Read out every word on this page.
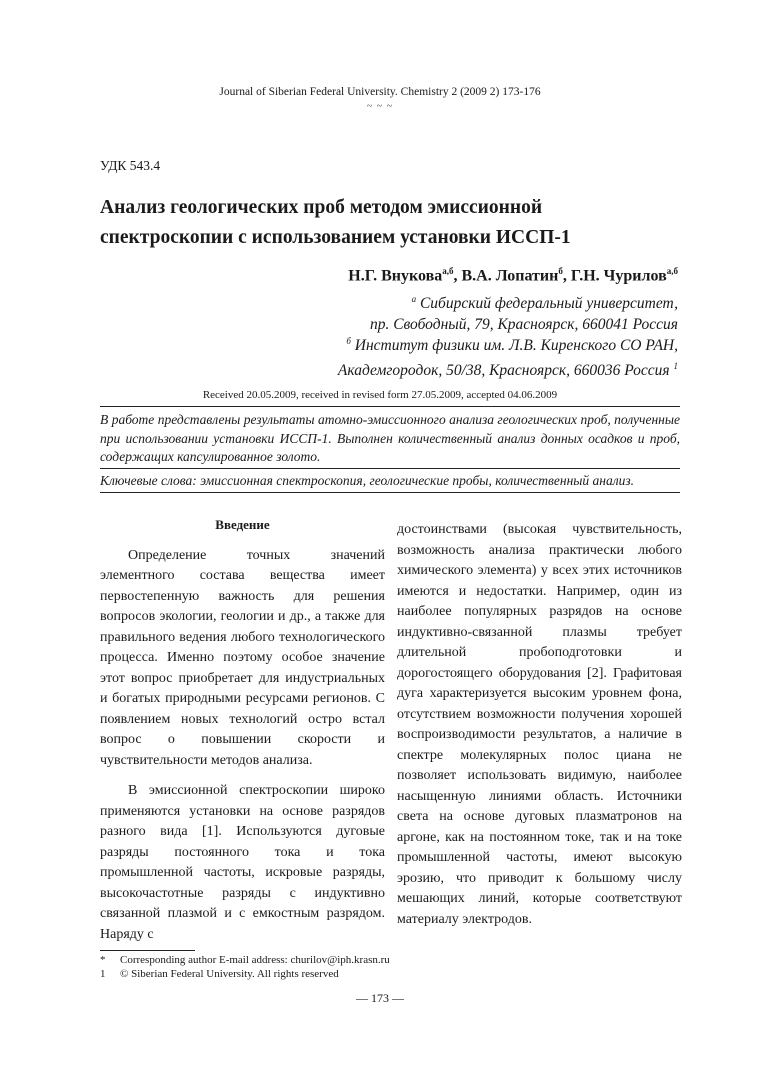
Journal of Siberian Federal University. Chemistry 2 (2009 2) 173-176
~ ~ ~
УДК 543.4
Анализ геологических проб методом эмиссионной спектроскопии с использованием установки ИССП-1
Н.Г. Внукова$^{а,б}$, В.А. Лопатин$^б$, Г.Н. Чурилов$^{а,б}$
$^а$ Сибирский федеральный университет,
пр. Свободный, 79, Красноярск, 660041 Россия
$^б$ Институт физики им. Л.В. Киренского СО РАН,
Академгородок, 50/38, Красноярск, 660036 Россия $^1$
Received 20.05.2009, received in revised form 27.05.2009, accepted 04.06.2009
В работе представлены результаты атомно-эмиссионного анализа геологических проб, полученные при использовании установки ИССП-1. Выполнен количественный анализ донных осадков и проб, содержащих капсулированное золото.
Ключевые слова: эмиссионная спектроскопия, геологические пробы, количественный анализ.

Введение

Определение точных значений элементного состава вещества имеет первостепенную важность для решения вопросов экологии, геологии и др., а также для правильного ведения любого технологического процесса. Именно поэтому особое значение этот вопрос приобретает для индустриальных и богатых природными ресурсами регионов. С появлением новых технологий остро встал вопрос о повышении скорости и чувствительности методов анализа.

В эмиссионной спектроскопии широко применяются установки на основе разрядов разного вида [1]. Используются дуговые разряды постоянного тока и тока промышленной частоты, искровые разряды, высокочастотные разряды с индуктивно связанной плазмой и с емкостным разрядом. Наряду с

достоинствами (высокая чувствительность, возможность анализа практически любого химического элемента) у всех этих источников имеются и недостатки. Например, один из наиболее популярных разрядов на основе индуктивно-связанной плазмы требует длительной пробоподготовки и дорогостоящего оборудования [2]. Графитовая дуга характеризуется высоким уровнем фона, отсутствием возможности получения хорошей воспроизводимости результатов, а наличие в спектре молекулярных полос циана не позволяет использовать видимую, наиболее насыщенную линиями область. Источники света на основе дуговых плазматронов на аргоне, как на постоянном токе, так и на токе промышленной частоты, имеют высокую эрозию, что приводит к большому числу мешающих линий, которые соответствуют материалу электродов.

* Corresponding author E-mail address: churilov@iph.krasn.ru
1 © Siberian Federal University. All rights reserved
— 173 —
